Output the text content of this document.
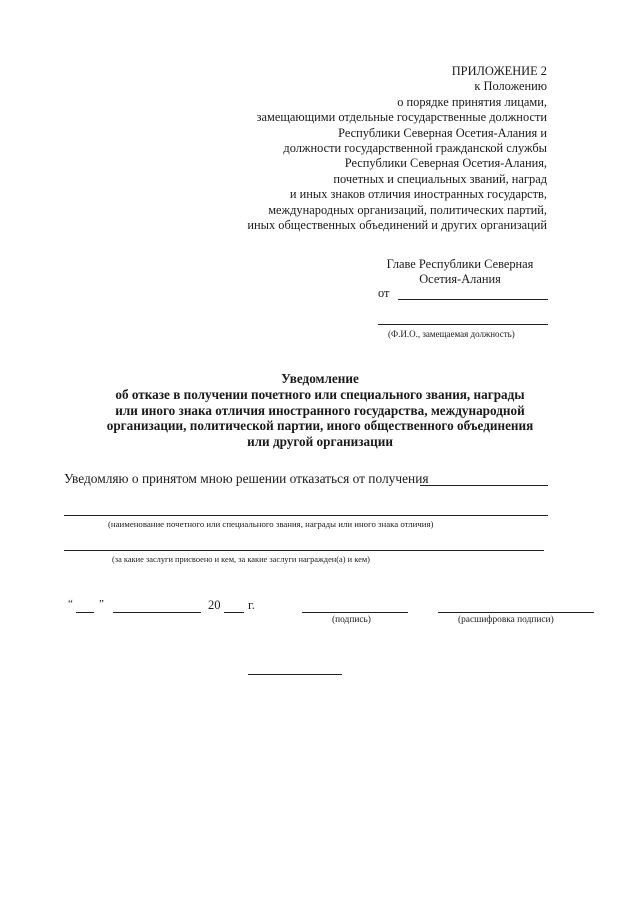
ПРИЛОЖЕНИЕ 2
к Положению
о порядке принятия лицами,
замещающими отдельные государственные должности
Республики Северная Осетия-Алания и
должности государственной гражданской службы
Республики Северная Осетия-Алания,
почетных и специальных званий, наград
и иных знаков отличия иностранных государств,
международных организаций, политических партий,
иных общественных объединений и других организаций
Главе Республики Северная
Осетия-Алания
от
(Ф.И.О., замещаемая должность)
Уведомление
об отказе в получении почетного или специального звания, награды
или иного знака отличия иностранного государства, международной
организации, политической партии, иного общественного объединения
или другой организации
Уведомляю о принятом мною решении отказаться от получения
(наименование почетного или специального звания, награды или иного знака отличия)
(за какие заслуги присвоено и кем, за какие заслуги награжден(а) и кем)
“ ”	20 г.
(подпись)	(расшифровка подписи)
